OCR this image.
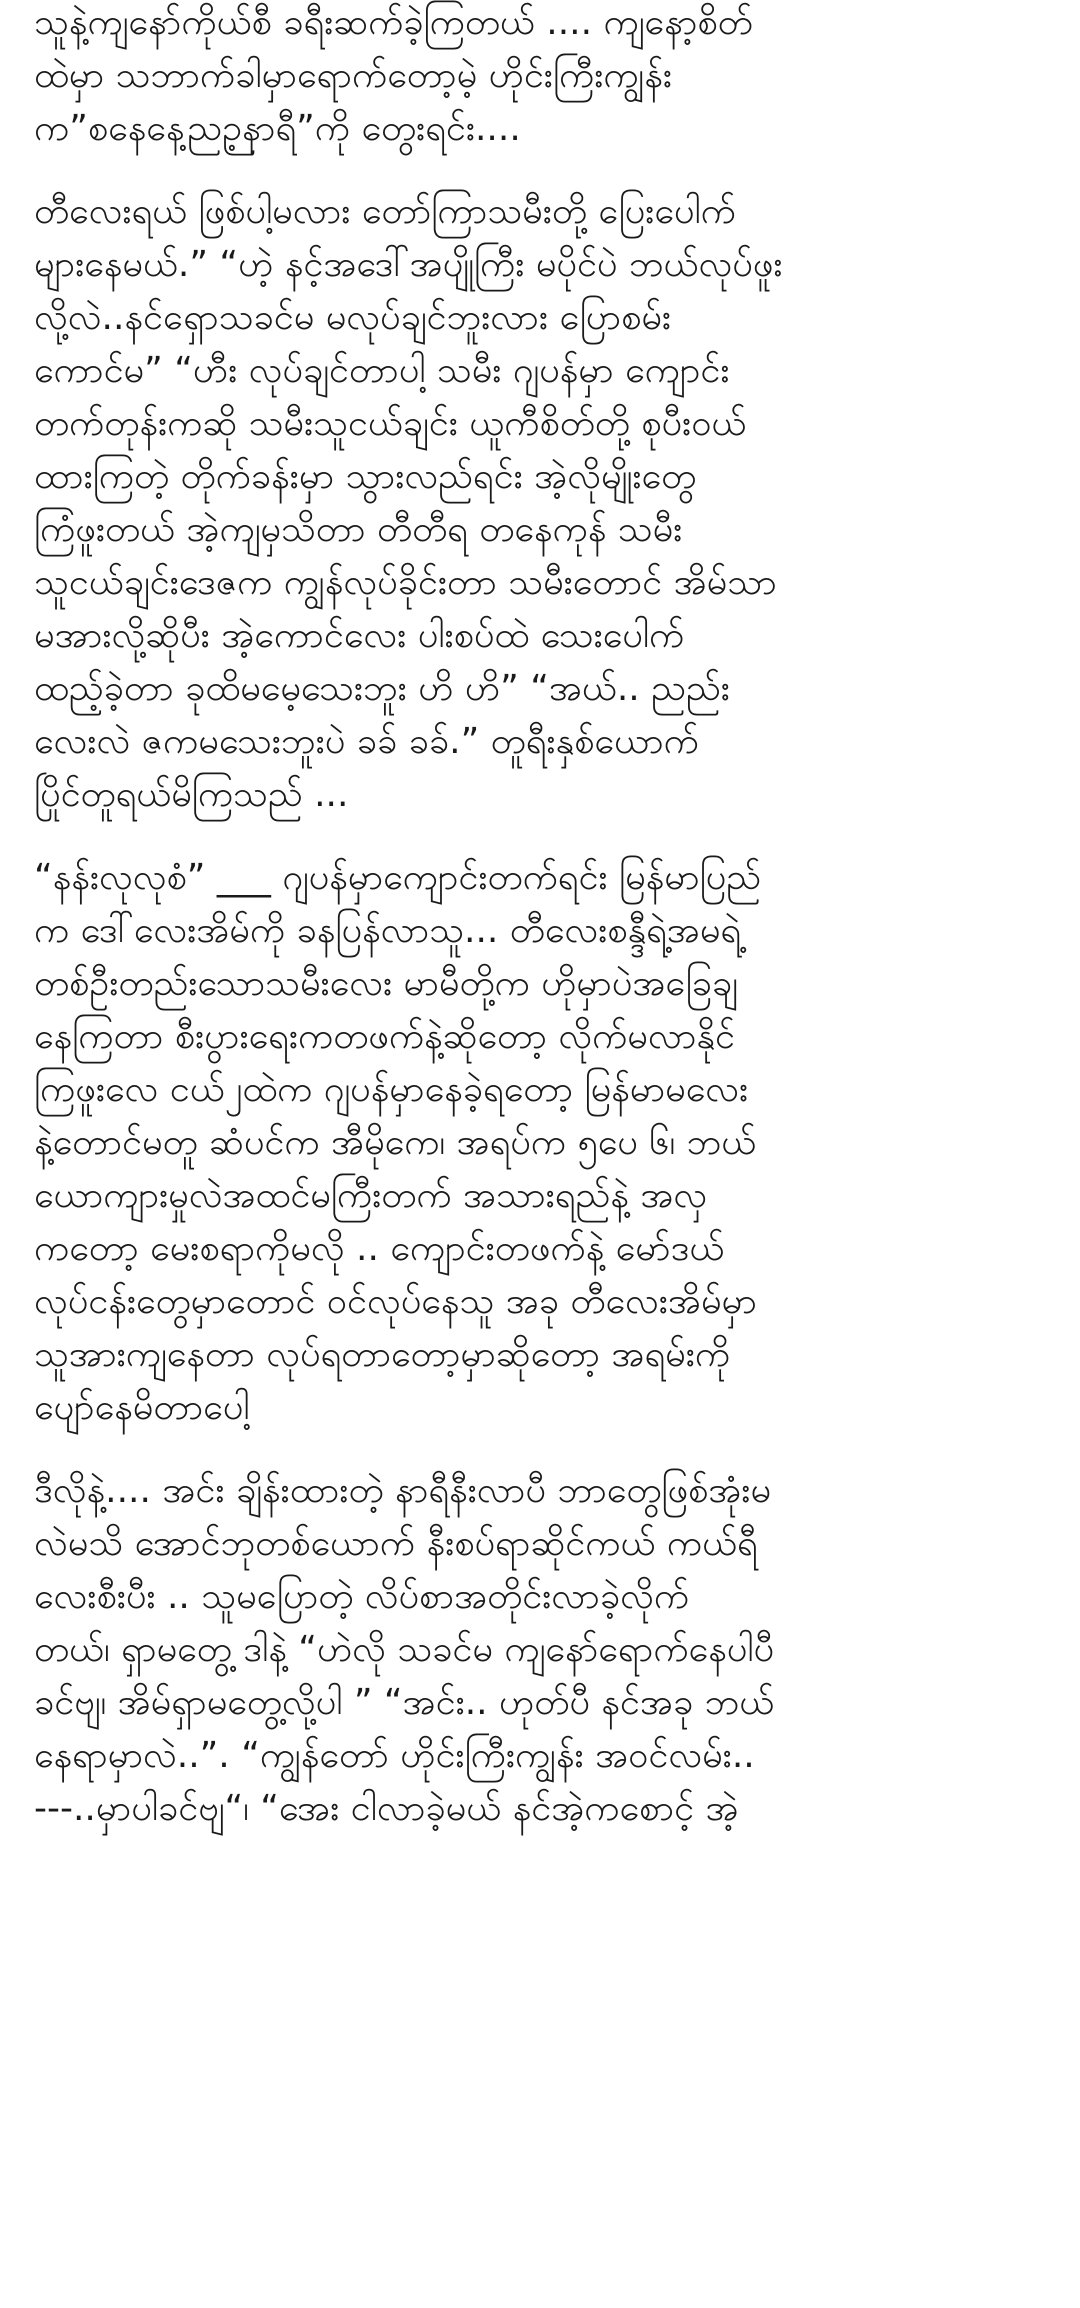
သူနဲ့ကျနော်ကိုယ်စီ ခရီးဆက်ခဲ့ကြတယ် .... ကျနော့စိတ်
ထဲမှာ သဘာက်ခါမှာရောက်တော့မဲ့ ဟိုင်းကြီးကျွန်း
က”စနေနေ့ညဉ့နာရီ”ကို တွေးရင်း....

တီလေးရယ် ဖြစ်ပါ့မလား တော်ကြာသမီးတို့ ပြေးပေါက်
များနေမယ်.” “ဟဲ့ နင့်အဒေါ်အပျိုကြီး မပိုင်ပဲ ဘယ်လုပ်ဖူး
လို့လဲ..နင်ရှောသခင်မ မလုပ်ချင်ဘူးလား ပြောစမ်း
ကောင်မ” “ဟီး လုပ်ချင်တာပါ့ သမီး ဂျပန်မှာ ကျောင်း
တက်တုန်းကဆို သမီးသူငယ်ချင်း ယူကီစိတ်တို့ စုပီးဝယ်
ထားကြတဲ့ တိုက်ခန်းမှာ သွားလည်ရင်း အဲ့လိုမျိုးတွေ
ကြံဖူးတယ် အဲ့ကျမှသိတာ တီတီရ တနေကုန် သမီး
သူငယ်ချင်းဒေဇက ကျွန်လုပ်ခိုင်းတာ သမီးတောင် အိမ်သာ
မအားလို့ဆိုပီး အဲ့ကောင်လေး ပါးစပ်ထဲ သေးပေါက်
ထည့်ခဲ့တာ ခုထိမမေ့သေးဘူး ဟိ ဟိ” “အယ်.. ညည်း
လေးလဲ ဇကမသေးဘူးပဲ ခခ် ခခ်.” တူရီးနှစ်ယောက်
ပြိုင်တူရယ်မိကြသည် ...

“နန်းလုလုစံ” ___ ဂျပန်မှာကျောင်းတက်ရင်း မြန်မာပြည်
က ဒေါ်လေးအိမ်ကို ခနပြန်လာသူ... တီလေးစန္ဒီရဲ့အမရဲ့
တစ်ဦးတည်းသောသမီးလေး မာမီတို့က ဟိုမှာပဲအခြေချ
နေကြတာ စီးပွားရေးကတဖက်နဲ့ဆိုတော့ လိုက်မလာနိုင်
ကြဖူးလေ ငယ်၂ထဲက ဂျပန်မှာနေခဲ့ရတော့ မြန်မာမလေး
နဲ့တောင်မတူ ဆံပင်က အီမိုကေ၊ အရပ်က ၅ပေ ၆၊ ဘယ်
ယောကျားမှုလဲအထင်မကြီးတက် အသားရည်နဲ့ အလှ
ကတော့ မေးစရာကိုမလို .. ကျောင်းတဖက်နဲ့ မော်ဒယ်
လုပ်ငန်းတွေမှာတောင် ဝင်လုပ်နေသူ အခု တီလေးအိမ်မှာ
သူအားကျနေတာ လုပ်ရတာတော့မှာဆိုတော့ အရမ်းကို
ပျော်နေမိတာပေါ့

ဒီလိုနဲ့.... အင်း ချိန်းထားတဲ့ နာရီနီးလာပီ ဘာတွေဖြစ်အုံးမ
လဲမသိ အောင်ဘုတစ်ယောက် နီးစပ်ရာဆိုင်ကယ် ကယ်ရီ
လေးစီးပီး .. သူမပြောတဲ့ လိပ်စာအတိုင်းလာခဲ့လိုက်
တယ်၊ ရှာမတွေ့ ဒါနဲ့ “ဟဲလို သခင်မ ကျနော်ရောက်နေပါပီ
ခင်ဗျ၊ အိမ်ရှာမတွေ့လို့ပါ ” “အင်း.. ဟုတ်ပီ နင်အခု ဘယ်
နေရာမှာလဲ..”. “ကျွန်တော် ဟိုင်းကြီးကျွန်း အဝင်လမ်း..
---..မှာပါခင်ဗျ“၊ “အေး ငါလာခဲ့မယ် နင်အဲ့ကစောင့် အဲ့
